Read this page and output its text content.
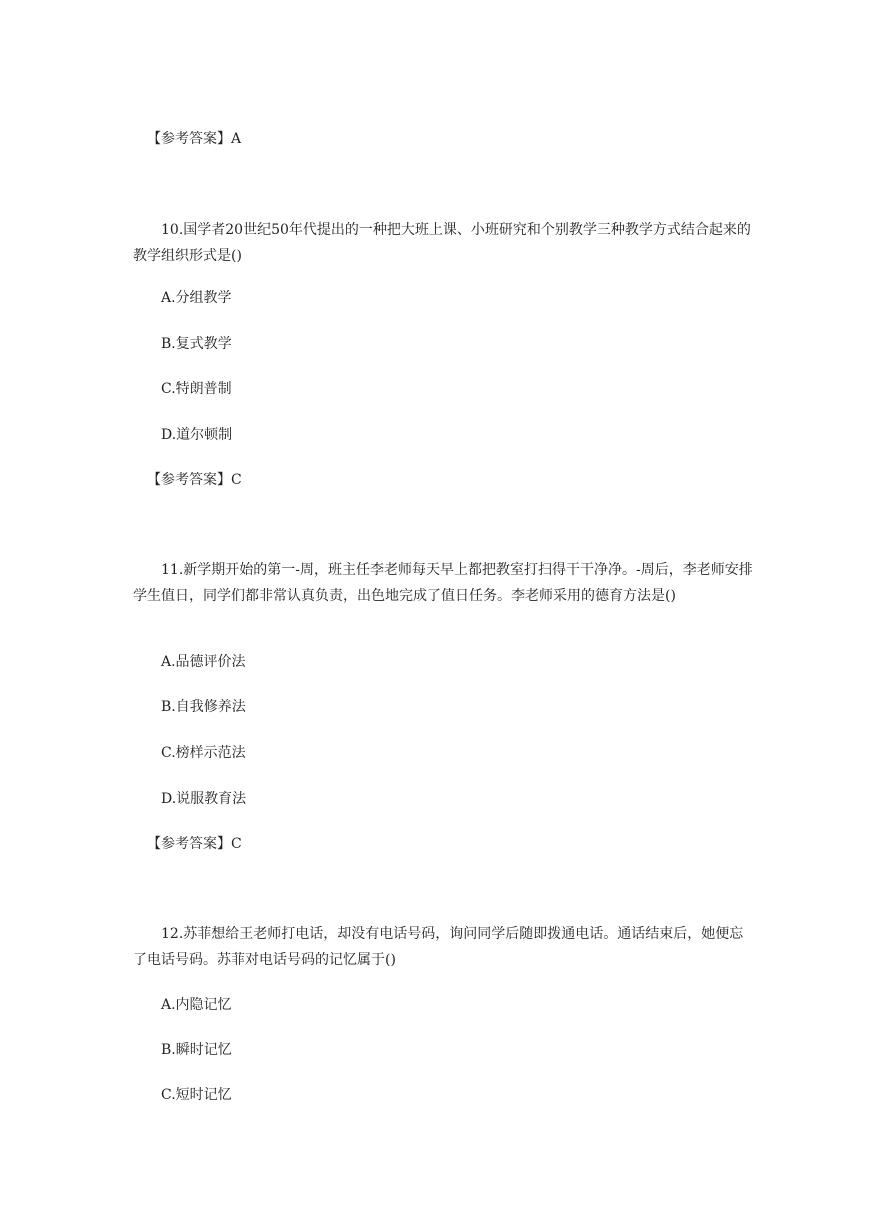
【参考答案】A
10.国学者20世纪50年代提出的一种把大班上课、小班研究和个别教学三种教学方式结合起来的教学组织形式是()
A.分组教学
B.复式教学
C.特朗普制
D.道尔顿制
【参考答案】C
11.新学期开始的第一-周，班主任李老师每天早上都把教室打扫得干干净净。-周后，李老师安排学生值日，同学们都非常认真负责，出色地完成了值日任务。李老师采用的德育方法是()
A.品德评价法
B.自我修养法
C.榜样示范法
D.说服教育法
【参考答案】C
12.苏菲想给王老师打电话，却没有电话号码，询问同学后随即拨通电话。通话结束后，她便忘了电话号码。苏菲对电话号码的记忆属于()
A.内隐记忆
B.瞬时记忆
C.短时记忆
